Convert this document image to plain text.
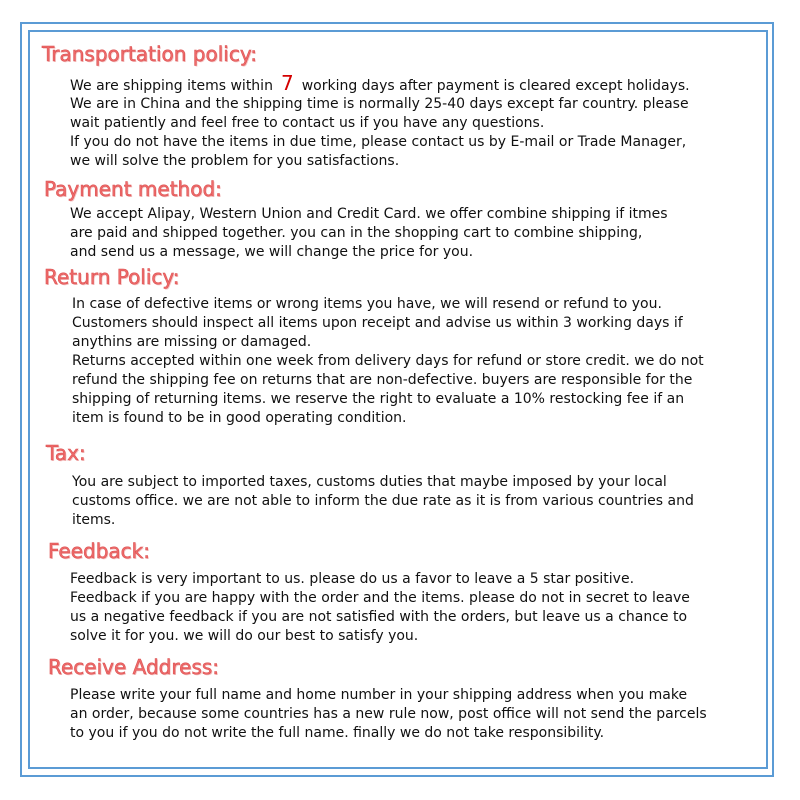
Transportation policy:
We are shipping items within 7 working days after payment is cleared except holidays.
We are in China and the shipping time is normally 25-40 days except far country. please
wait patiently and feel free to contact us if you have any questions.
If you do not have the items in due time, please contact us by E-mail or Trade Manager,
we will solve the problem for you satisfactions.
Payment method:
We accept Alipay, Western Union and Credit Card. we offer combine shipping if itmes
are paid and shipped together. you can in the shopping cart to combine shipping,
and send us a message, we will change the price for you.
Return Policy:
In case of defective items or wrong items you have, we will resend or refund to you.
Customers should inspect all items upon receipt and advise us within 3 working days if
anythins are missing or damaged.
Returns accepted within one week from delivery days for refund or store credit. we do not
refund the shipping fee on returns that are non-defective. buyers are responsible for the
shipping of returning items. we reserve the right to evaluate a 10% restocking fee if an
item is found to be in good operating condition.
Tax:
You are subject to imported taxes, customs duties that maybe imposed by your local
customs office. we are not able to inform the due rate as it is from various countries and
items.
Feedback:
Feedback is very important to us. please do us a favor to leave a 5 star positive.
Feedback if you are happy with the order and the items. please do not in secret to leave
us a negative feedback if you are not satisfied with the orders, but leave us a chance to
solve it for you. we will do our best to satisfy you.
Receive Address:
Please write your full name and home number in your shipping address when you make
an order, because some countries has a new rule now, post office will not send the parcels
to you if you do not write the full name. finally we do not take responsibility.
